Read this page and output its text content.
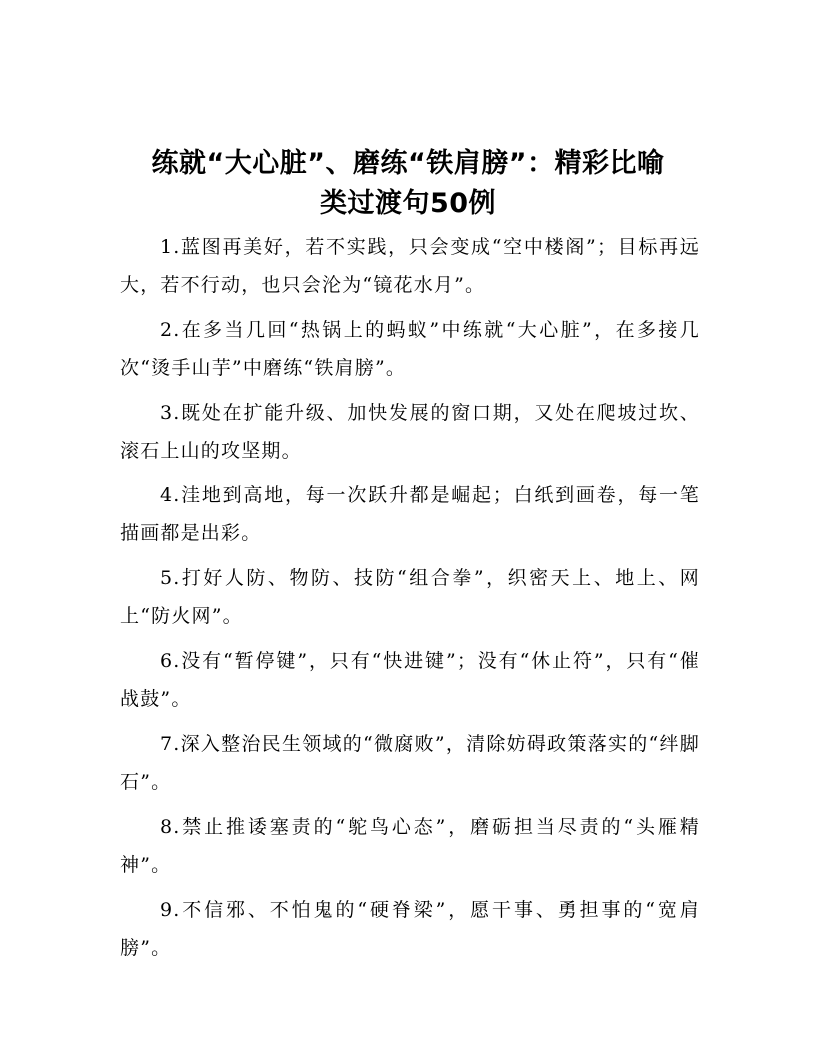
练就“大心脏”、磨练“铁肩膀”：精彩比喻
类过渡句50例

1.蓝图再美好，若不实践，只会变成“空中楼阁”；目标再远大，若不行动，也只会沦为“镜花水月”。

2.在多当几回“热锅上的蚂蚁”中练就“大心脏”，在多接几次“烫手山芋”中磨练“铁肩膀”。

3.既处在扩能升级、加快发展的窗口期，又处在爬坡过坎、滚石上山的攻坚期。

4.洼地到高地，每一次跃升都是崛起；白纸到画卷，每一笔描画都是出彩。

5.打好人防、物防、技防“组合拳”，织密天上、地上、网上“防火网”。

6.没有“暂停键”，只有“快进键”；没有“休止符”，只有“催战鼓”。

7.深入整治民生领域的“微腐败”，清除妨碍政策落实的“绊脚石”。

8.禁止推诿塞责的“鸵鸟心态”，磨砺担当尽责的“头雁精神”。

9.不信邪、不怕鬼的“硬脊梁”，愿干事、勇担事的“宽肩膀”。
